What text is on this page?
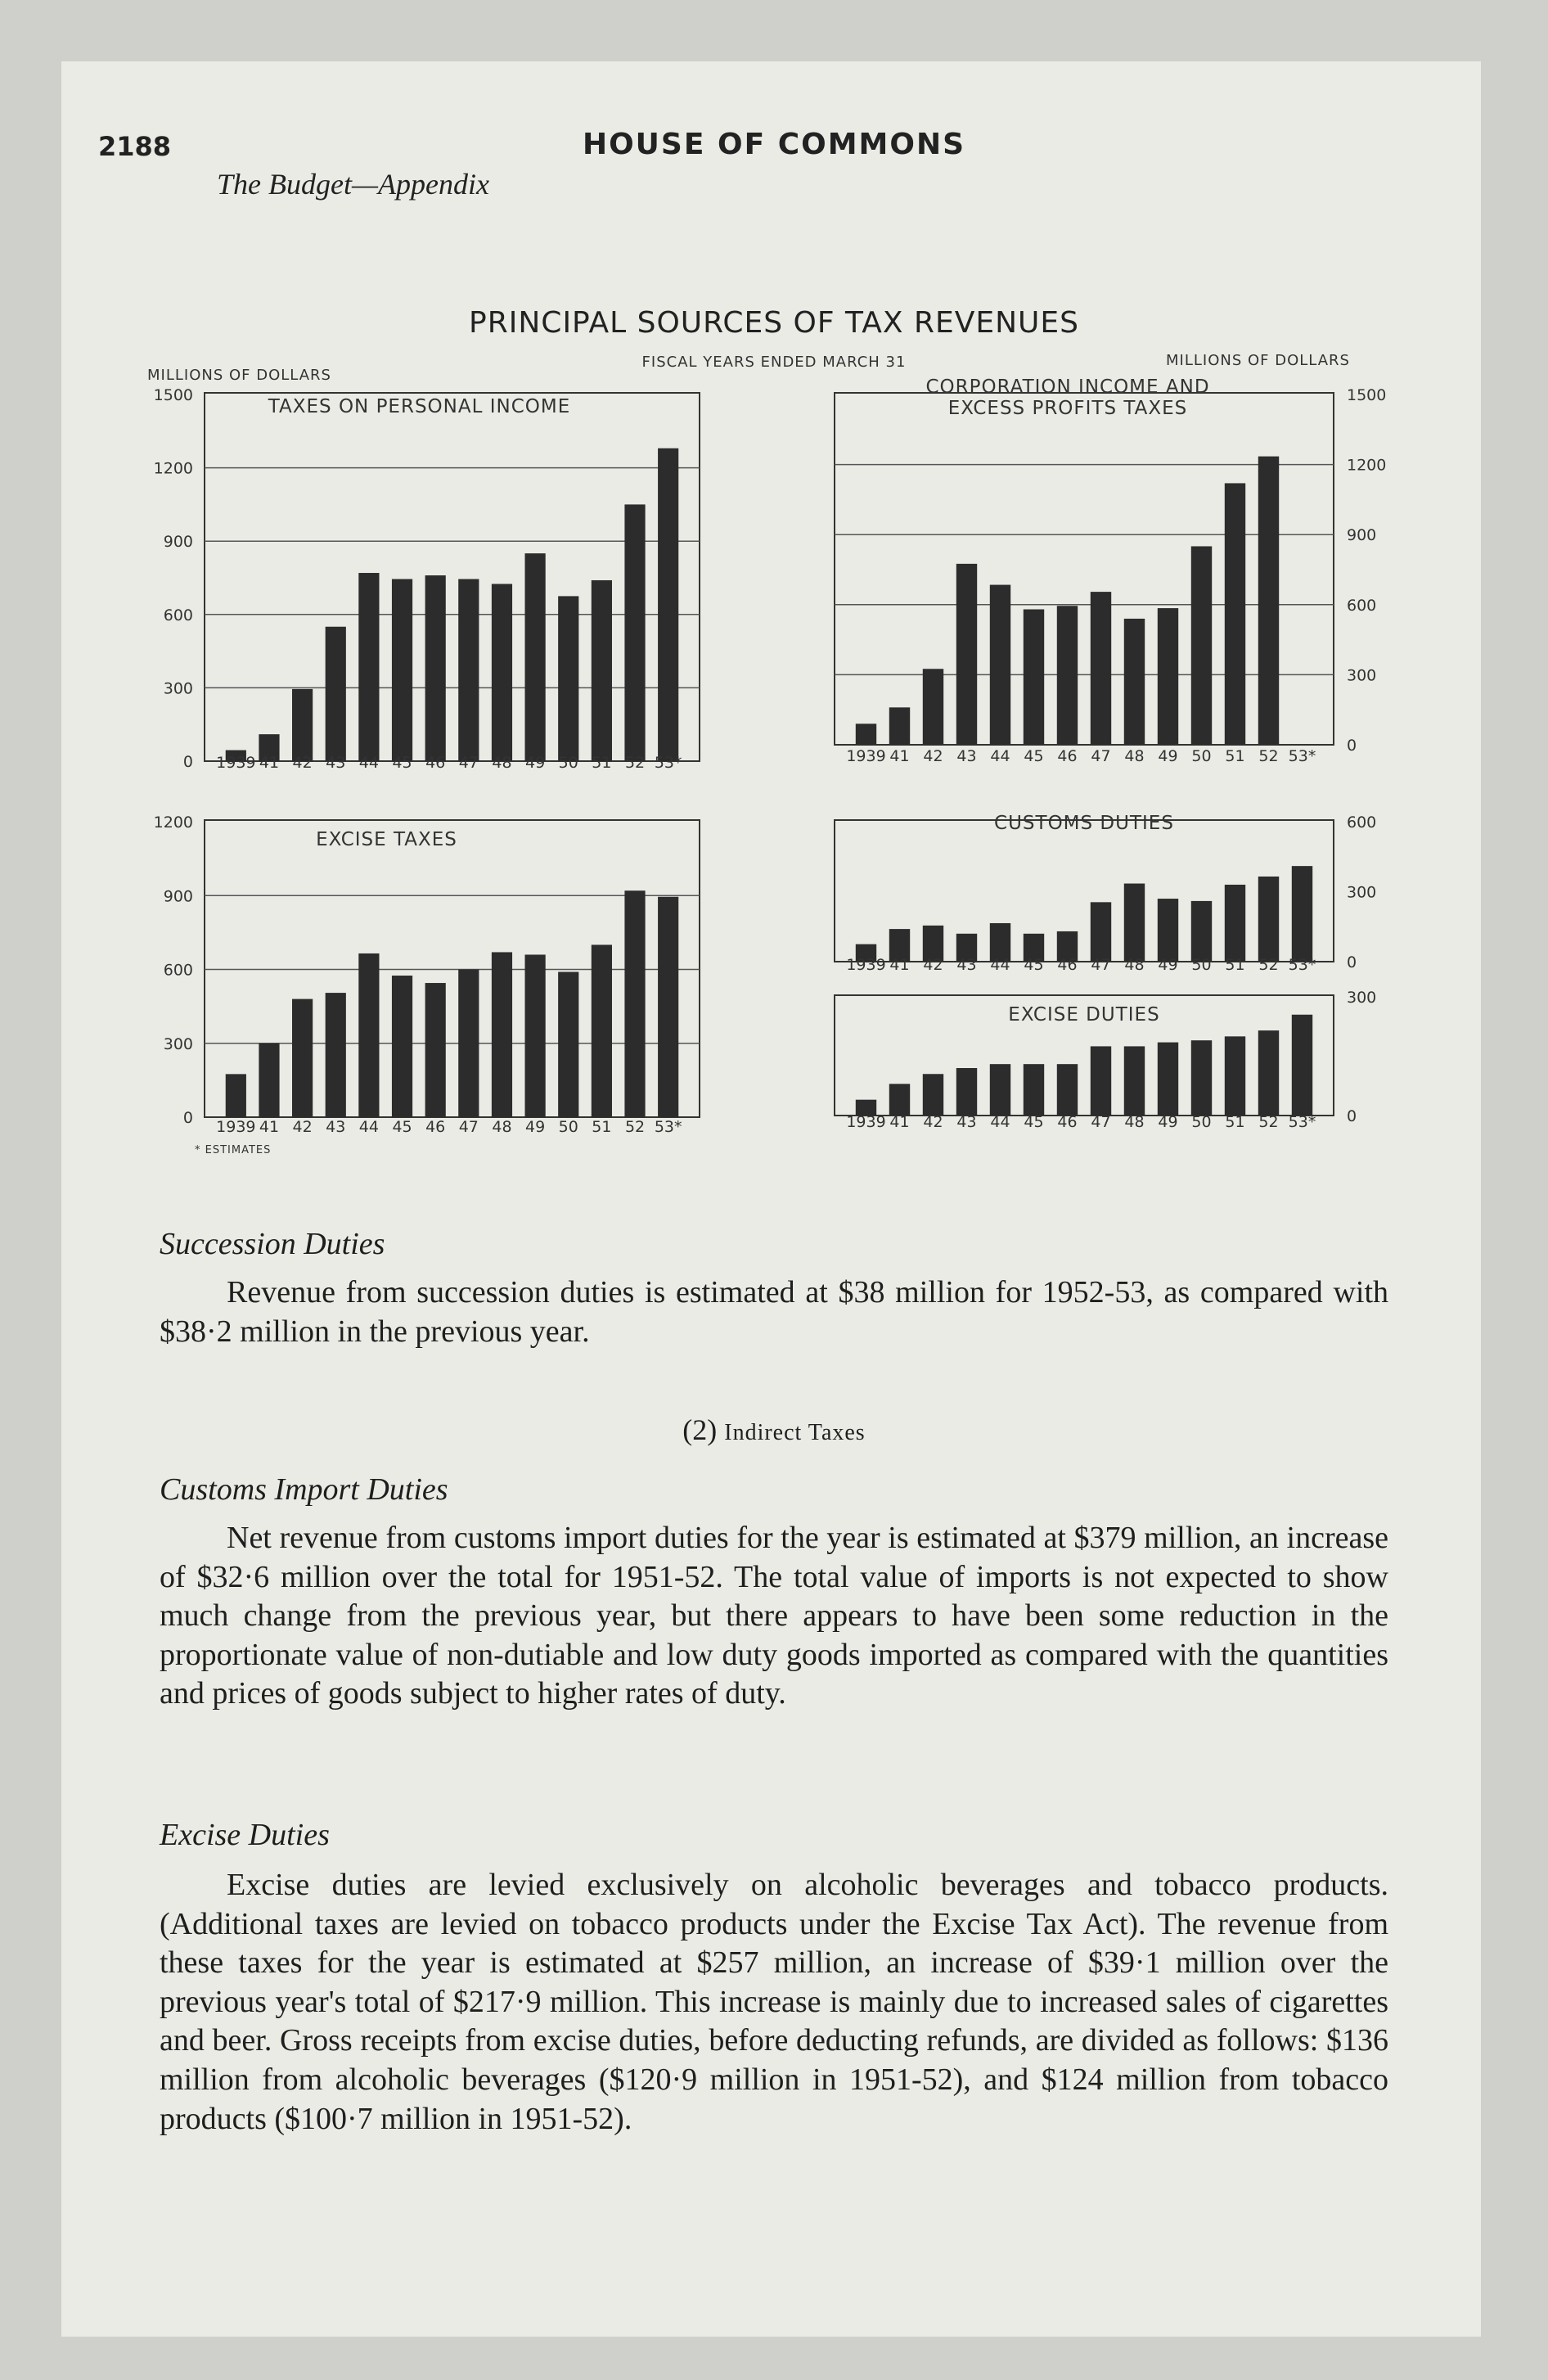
2188	HOUSE OF COMMONS
The Budget—Appendix
PRINCIPAL SOURCES OF TAX REVENUES
FISCAL YEARS ENDED MARCH 31
MILLIONS OF DOLLARS
MILLIONS OF DOLLARS
* ESTIMATES
0
300
600
900
1200
1500
TAXES ON PERSONAL INCOME
1939 41 42 43 44 45 46 47 48 49 50 51 52 53*
0
300
600
900
1200
1500
CORPORATION INCOME AND
EXCESS PROFITS TAXES
1939 41 42 43 44 45 46 47 48 49 50 51 52 53*
0
300
600
900
1200
EXCISE TAXES
1939 41 42 43 44 45 46 47 48 49 50 51 52 53*
0
300
600
CUSTOMS DUTIES
1939 41 42 43 44 45 46 47 48 49 50 51 52 53*
0
300
EXCISE DUTIES
1939 41 42 43 44 45 46 47 48 49 50 51 52 53*
Succession Duties

Revenue from succession duties is estimated at $38 million for 1952-53, as compared with $38·2 million in the previous year.

(2) Indirect Taxes
Customs Import Duties

Net revenue from customs import duties for the year is estimated at $379 million, an increase of $32·6 million over the total for 1951-52. The total value of imports is not expected to show much change from the previous year, but there appears to have been some reduction in the proportionate value of non-dutiable and low duty goods imported as compared with the quantities and prices of goods subject to higher rates of duty.

Excise Duties

Excise duties are levied exclusively on alcoholic beverages and tobacco products. (Additional taxes are levied on tobacco products under the Excise Tax Act). The revenue from these taxes for the year is estimated at $257 million, an increase of $39·1 million over the previous year's total of $217·9 million. This increase is mainly due to increased sales of cigarettes and beer. Gross receipts from excise duties, before deducting refunds, are divided as follows: $136 million from alcoholic beverages ($120·9 million in 1951-52), and $124 million from tobacco products ($100·7 million in 1951-52).
